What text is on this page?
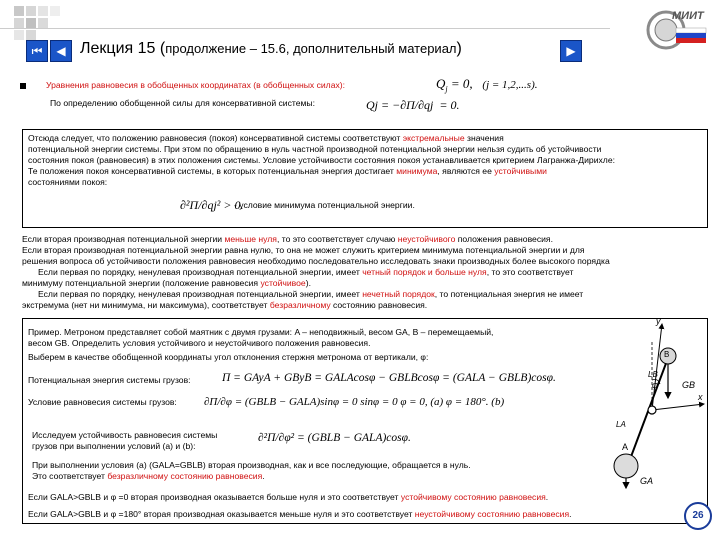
⏮	◀ Лекция 15 (продолжение – 15.6, дополнительный материал)	▶
МИИТ
Уравнения равновесия в обобщенных координатах (в обобщенных силах):	$Q_j = 0$, (j = 1,2,...s).
По определению обобщенной силы для консервативной системы:	Qj = −∂П/∂qj = 0.
Отсюда следует, что положению равновесия (покоя) консервативной системы соответствуют экстремальные значения
потенциальной энергии системы. При этом по обращению в нуль частной производной потенциальной энергии нельзя судить об устойчивости
состояния покоя (равновесия) в этих положения системы. Условие устойчивости состояния покоя устанавливается критерием Лагранжа-Дирихле:
Те положения покоя консервативной системы, в которых потенциальная энергия достигает минимума, являются ее устойчивыми
состояниями покоя:
∂²П/∂qj² > 0.
- условие минимума потенциальной энергии.
Если вторая производная потенциальной энергии меньше нуля, то это соответствует случаю неустойчивого положения равновесия.
Если вторая производная потенциальной энергии равна нулю, то она не может служить критерием минимума потенциальной энергии и для
решения вопроса об устойчивости положения равновесия необходимо последовательно исследовать знаки производных более высокого порядка
Если первая по порядку, ненулевая производная потенциальной энергии, имеет четный порядок и больше нуля, то это соответствует
минимуму потенциальной энергии (положение равновесия устойчивое).
Если первая по порядку, ненулевая производная потенциальной энергии, имеет нечетный порядок, то потенциальная энергия не имеет
экстремума (нет ни минимума, ни максимума), соответствует безразличному состоянию равновесия.
Пример. Метроном представляет собой маятник с двумя грузами: A – неподвижный, весом GA, B – перемещаемый,
весом GB. Определить условия устойчивого и неустойчивого положения равновесия.
Выберем в качестве обобщенной координаты угол отклонения стержня метронома от вертикали, φ:
Потенциальная энергия системы грузов:	П = GAyA + GByB = GALAcosφ − GBLBcosφ = (GALA − GBLB)cosφ.
Условие равновесия системы грузов: ∂П/∂φ = (GBLB − GALA)sinφ = 0 sinφ = 0 φ = 0, (a) φ = 180°. (b)
Исследуем устойчивость равновесия системы
грузов при выполнении условий (a) и (b):
∂²П/∂φ² = (GBLB − GALA)cosφ.
При выполнении условия (a) (GALA=GBLB) вторая производная, как и все последующие, обращается в нуль.
Это соответствует безразличному состоянию равновесия.
Если GALA>GBLB и φ =0 вторая производная оказывается больше нуля и это соответствует устойчивому состоянию равновесия.
Если GALA>GBLB и φ =180° вторая производная оказывается меньше нуля и это соответствует неустойчивому состоянию равновесия.
y
x
B
A
LB
LA
φ	GB
GA
26
